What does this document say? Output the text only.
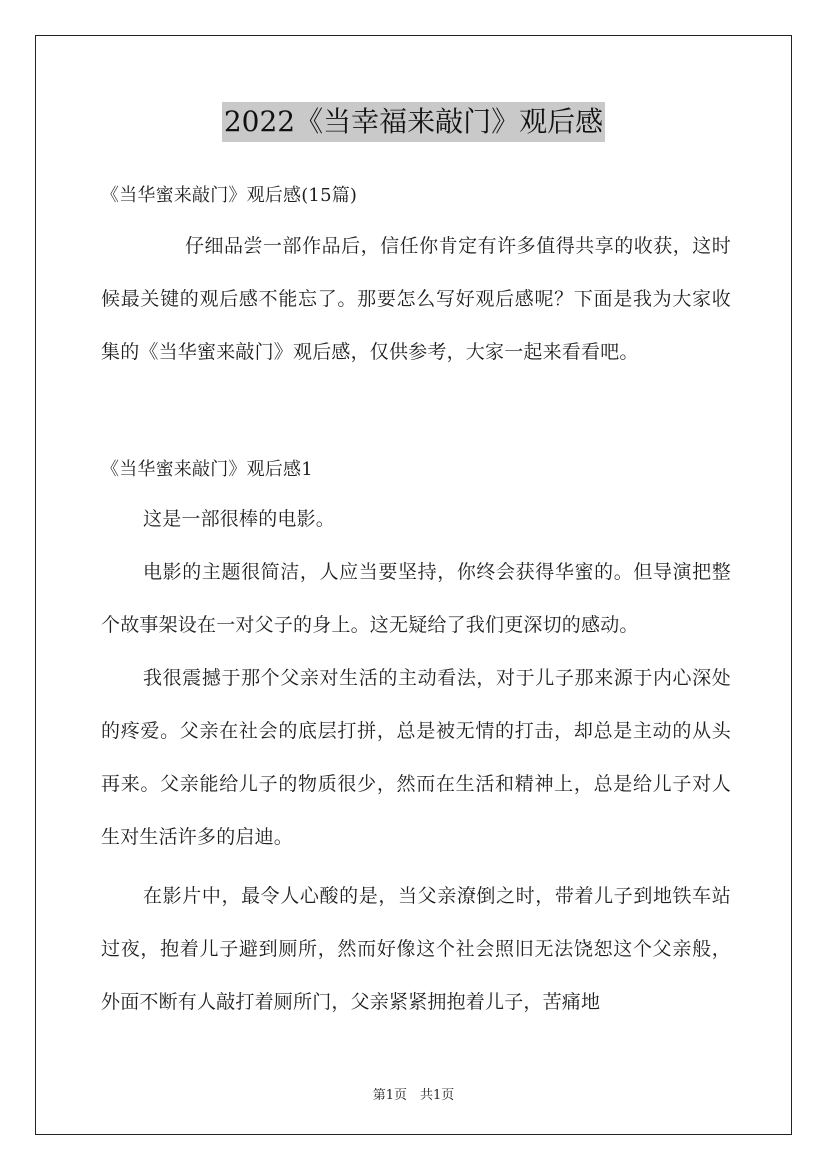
2022《当幸福来敲门》观后感
《当华蜜来敲门》观后感(15篇)
仔细品尝一部作品后，信任你肯定有许多值得共享的收获，这时候最关键的观后感不能忘了。那要怎么写好观后感呢？下面是我为大家收集的《当华蜜来敲门》观后感，仅供参考，大家一起来看看吧。
《当华蜜来敲门》观后感1
这是一部很棒的电影。
电影的主题很简洁，人应当要坚持，你终会获得华蜜的。但导演把整个故事架设在一对父子的身上。这无疑给了我们更深切的感动。
我很震撼于那个父亲对生活的主动看法，对于儿子那来源于内心深处的疼爱。父亲在社会的底层打拼，总是被无情的打击，却总是主动的从头再来。父亲能给儿子的物质很少，然而在生活和精神上，总是给儿子对人生对生活许多的启迪。
在影片中，最令人心酸的是，当父亲潦倒之时，带着儿子到地铁车站过夜，抱着儿子避到厕所，然而好像这个社会照旧无法饶恕这个父亲般，外面不断有人敲打着厕所门，父亲紧紧拥抱着儿子，苦痛地
第1页　共1页
